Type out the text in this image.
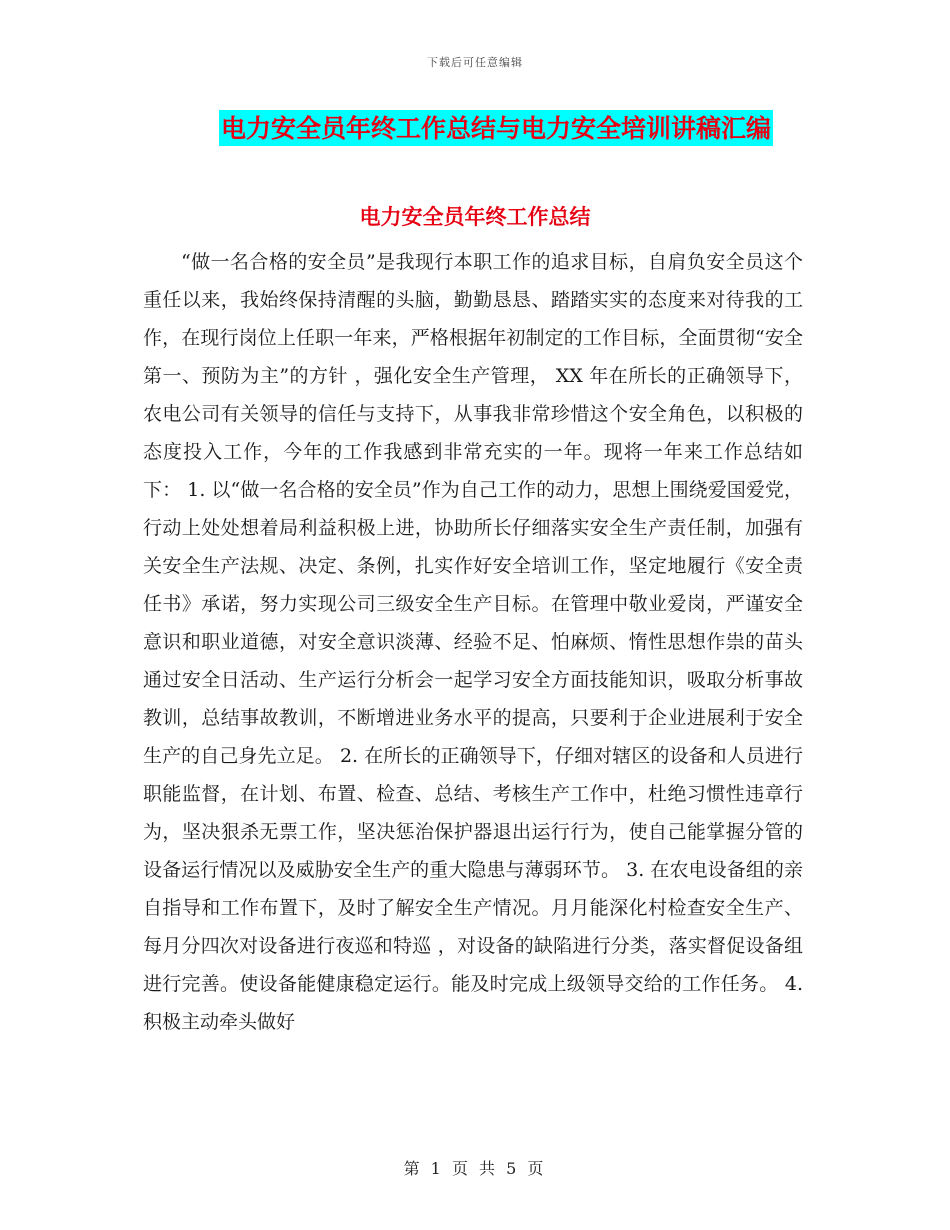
下载后可任意编辑
电力安全员年终工作总结与电力安全培训讲稿汇编
电力安全员年终工作总结

“做一名合格的安全员”是我现行本职工作的追求目标，自肩负安全员这个重任以来，我始终保持清醒的头脑，勤勤恳恳、踏踏实实的态度来对待我的工作，在现行岗位上任职一年来，严格根据年初制定的工作目标，全面贯彻“安全第一、预防为主”的方针 ，强化安全生产管理， XX 年在所长的正确领导下，农电公司有关领导的信任与支持下，从事我非常珍惜这个安全角色，以积极的态度投入工作，今年的工作我感到非常充实的一年。现将一年来工作总结如下： 1. 以“做一名合格的安全员”作为自己工作的动力，思想上围绕爱国爱党，行动上处处想着局利益积极上进，协助所长仔细落实安全生产责任制，加强有关安全生产法规、决定、条例，扎实作好安全培训工作，坚定地履行《安全责任书》承诺，努力实现公司三级安全生产目标。在管理中敬业爱岗，严谨安全意识和职业道德，对安全意识淡薄、经验不足、怕麻烦、惰性思想作祟的苗头通过安全日活动、生产运行分析会一起学习安全方面技能知识，吸取分析事故教训，总结事故教训，不断增进业务水平的提高，只要利于企业进展利于安全生产的自己身先立足。 2. 在所长的正确领导下，仔细对辖区的设备和人员进行职能监督，在计划、布置、检查、总结、考核生产工作中，杜绝习惯性违章行为，坚决狠杀无票工作，坚决惩治保护器退出运行行为，使自己能掌握分管的设备运行情况以及威胁安全生产的重大隐患与薄弱环节。 3. 在农电设备组的亲自指导和工作布置下，及时了解安全生产情况。月月能深化村检查安全生产、每月分四次对设备进行夜巡和特巡 ，对设备的缺陷进行分类，落实督促设备组进行完善。使设备能健康稳定运行。能及时完成上级领导交给的工作任务。 4. 积极主动牵头做好

第 1 页 共 5 页
